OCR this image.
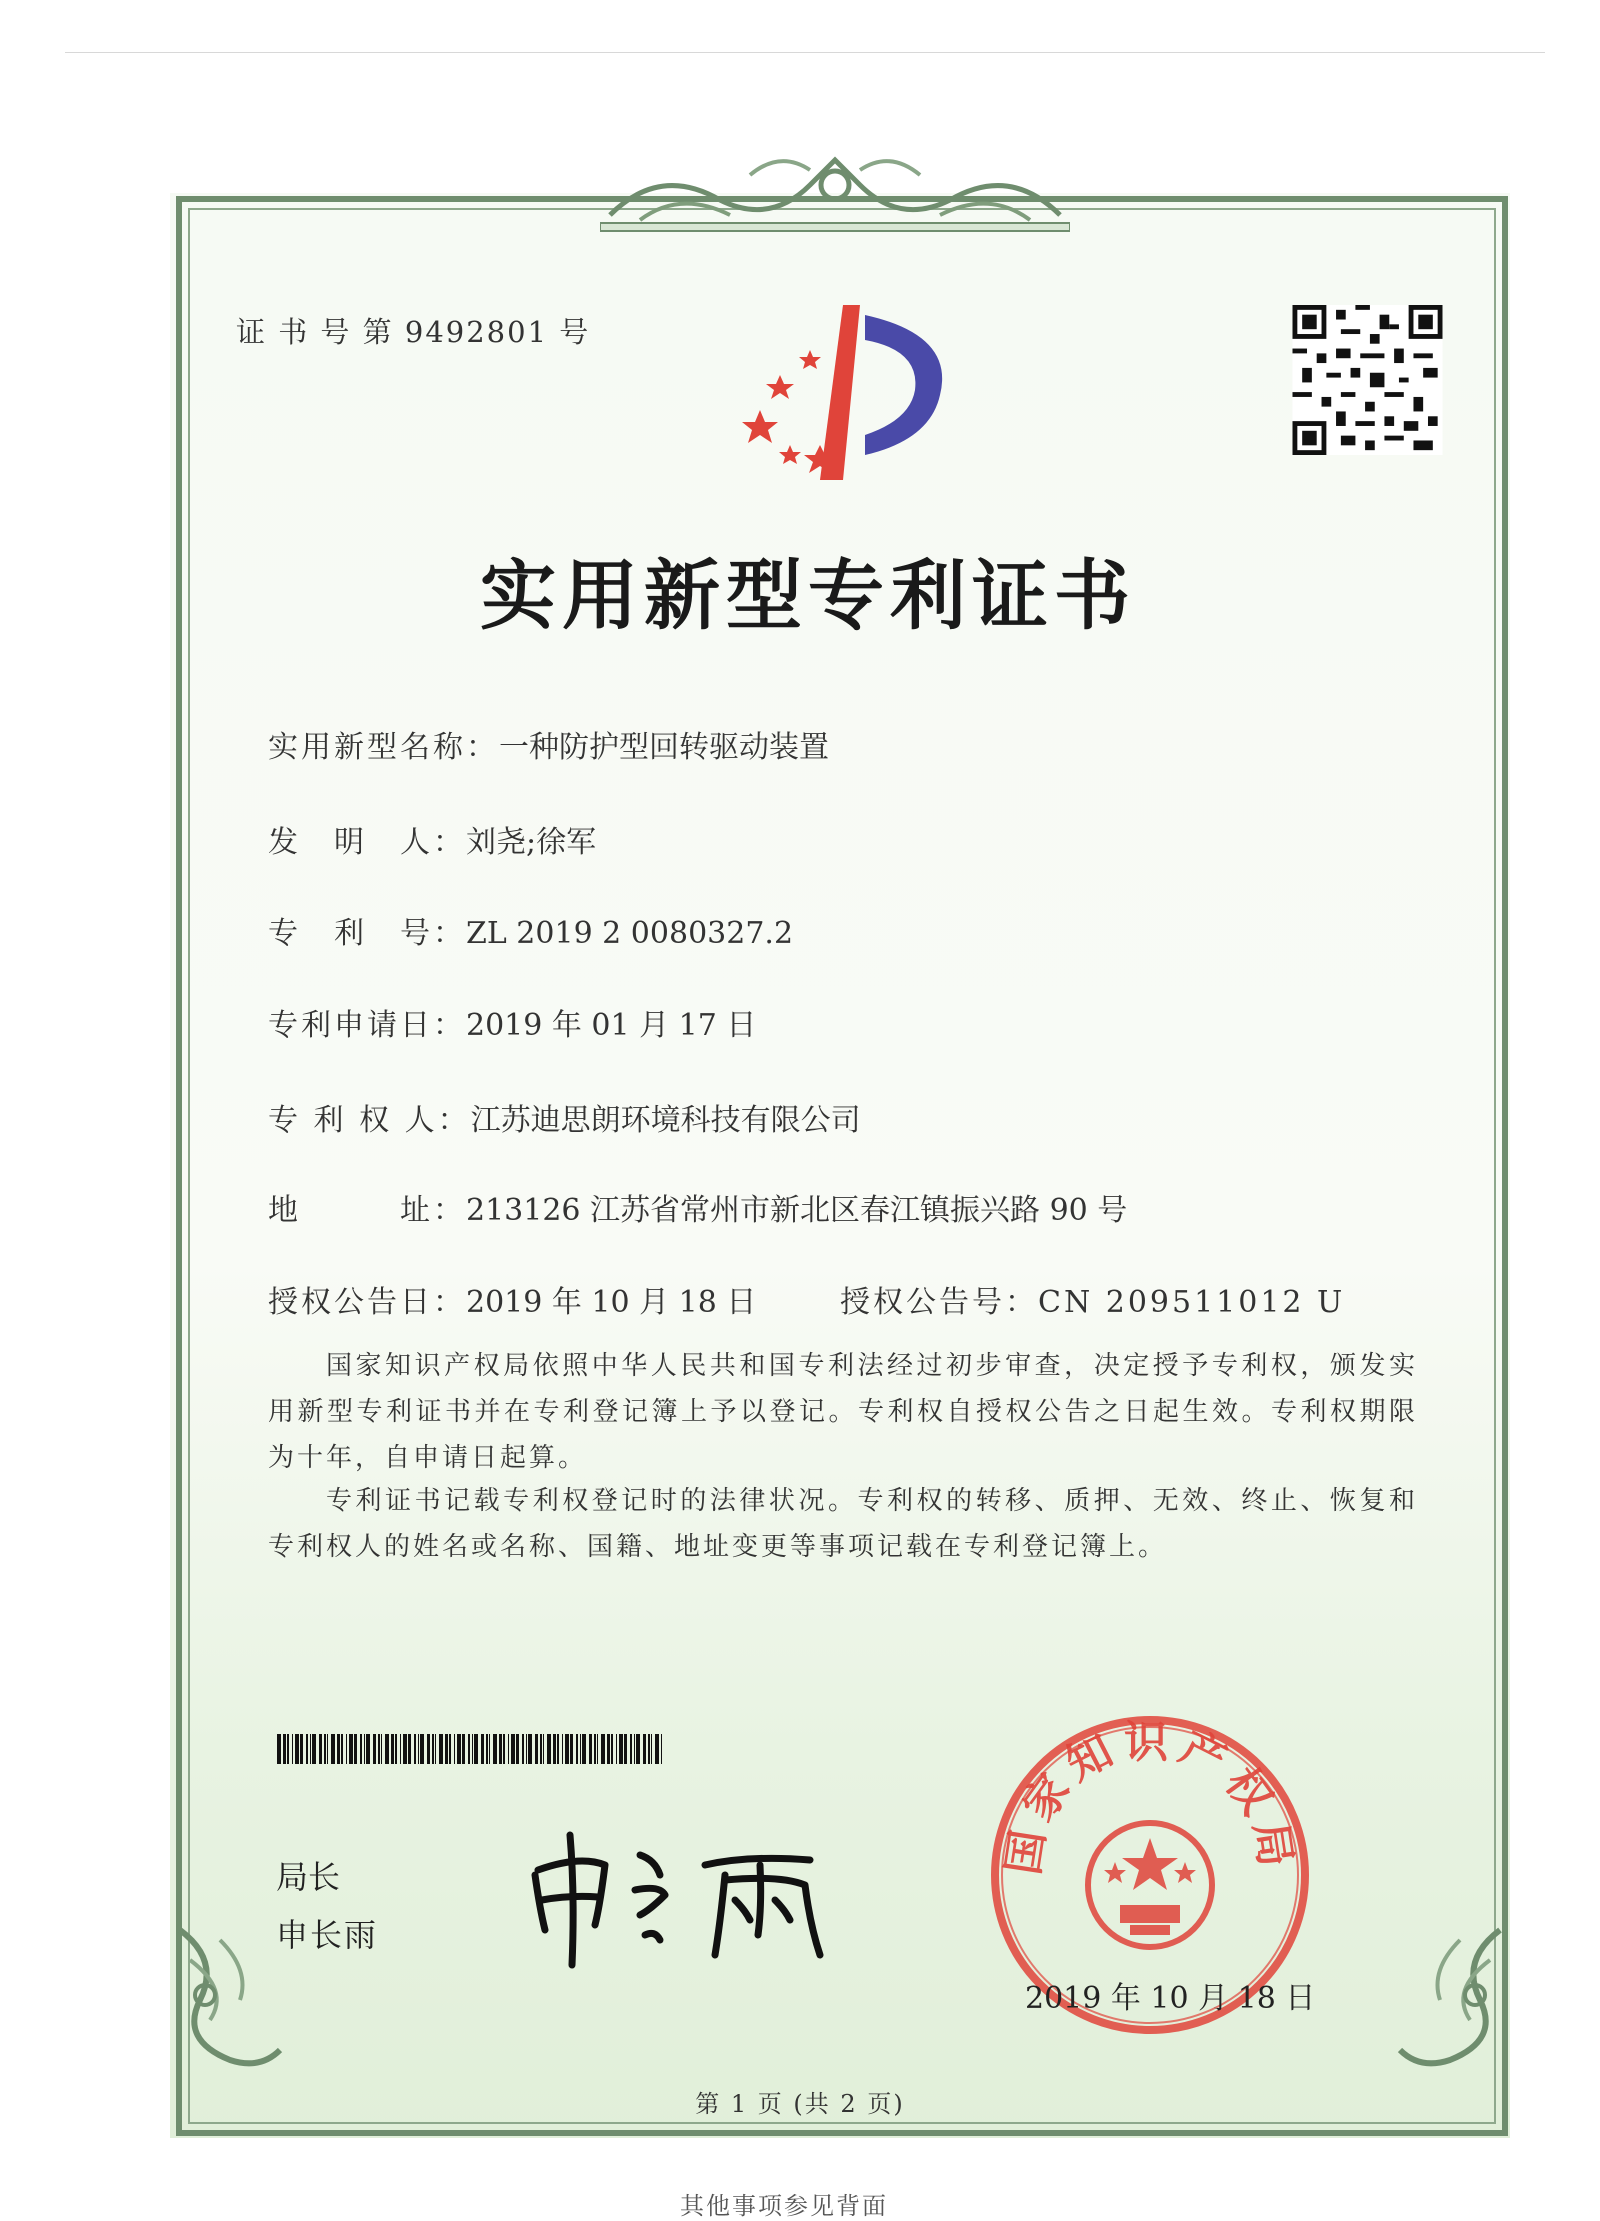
证 书 号 第 9492801 号
实用新型专利证书
实用新型名称：一种防护型回转驱动装置
发　明　人：刘尧;徐军
专　利　号：ZL 2019 2 0080327.2
专利申请日：2019 年 01 月 17 日
专 利 权 人：江苏迪思朗环境科技有限公司
地　　　址：213126 江苏省常州市新北区春江镇振兴路 90 号
授权公告日：2019 年 10 月 18 日	授权公告号：CN 209511012 U
国家知识产权局依照中华人民共和国专利法经过初步审查，决定授予专利权，颁发实用新型专利证书并在专利登记簿上予以登记。专利权自授权公告之日起生效。专利权期限为十年，自申请日起算。
专利证书记载专利权登记时的法律状况。专利权的转移、质押、无效、终止、恢复和专利权人的姓名或名称、国籍、地址变更等事项记载在专利登记簿上。
局长
申长雨
国家知识产权局
2019 年 10 月 18 日
第 1 页 (共 2 页)
其他事项参见背面
